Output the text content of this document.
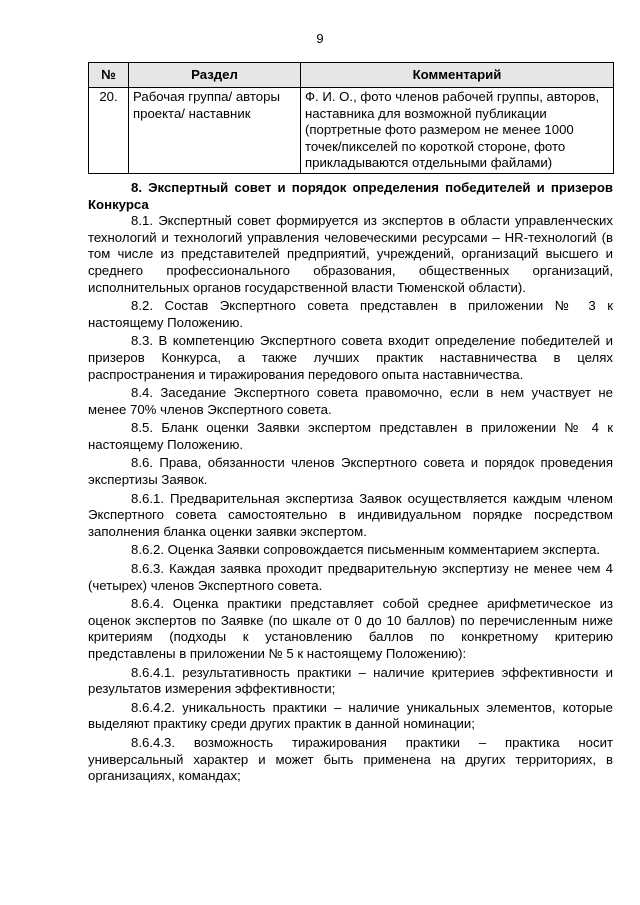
9
№	Раздел	Комментарий
20.	Рабочая группа/ авторы проекта/ наставник	Ф. И. О., фото членов рабочей группы, авторов, наставника для возможной публикации (портретные фото размером не менее 1000 точек/пикселей по короткой стороне, фото прикладываются отдельными файлами)
8. Экспертный совет и порядок определения победителей и призеров Конкурса

8.1. Экспертный совет формируется из экспертов в области управленческих технологий и технологий управления человеческими ресурсами – HR-технологий (в том числе из представителей предприятий, учреждений, организаций высшего и среднего профессионального образования, общественных организаций, исполнительных органов государственной власти Тюменской области).

8.2. Состав Экспертного совета представлен в приложении № 3 к настоящему Положению.

8.3. В компетенцию Экспертного совета входит определение победителей и призеров Конкурса, а также лучших практик наставничества в целях распространения и тиражирования передового опыта наставничества.

8.4. Заседание Экспертного совета правомочно, если в нем участвует не менее 70% членов Экспертного совета.

8.5. Бланк оценки Заявки экспертом представлен в приложении № 4 к настоящему Положению.

8.6. Права, обязанности членов Экспертного совета и порядок проведения экспертизы Заявок.

8.6.1. Предварительная экспертиза Заявок осуществляется каждым членом Экспертного совета самостоятельно в индивидуальном порядке посредством заполнения бланка оценки заявки экспертом.

8.6.2. Оценка Заявки сопровождается письменным комментарием эксперта.

8.6.3. Каждая заявка проходит предварительную экспертизу не менее чем 4 (четырех) членов Экспертного совета.

8.6.4. Оценка практики представляет собой среднее арифметическое из оценок экспертов по Заявке (по шкале от 0 до 10 баллов) по перечисленным ниже критериям (подходы к установлению баллов по конкретному критерию представлены в приложении № 5 к настоящему Положению):

8.6.4.1. результативность практики – наличие критериев эффективности и результатов измерения эффективности;

8.6.4.2. уникальность практики – наличие уникальных элементов, которые выделяют практику среди других практик в данной номинации;

8.6.4.3. возможность тиражирования практики – практика носит универсальный характер и может быть применена на других территориях, в организациях, командах;
